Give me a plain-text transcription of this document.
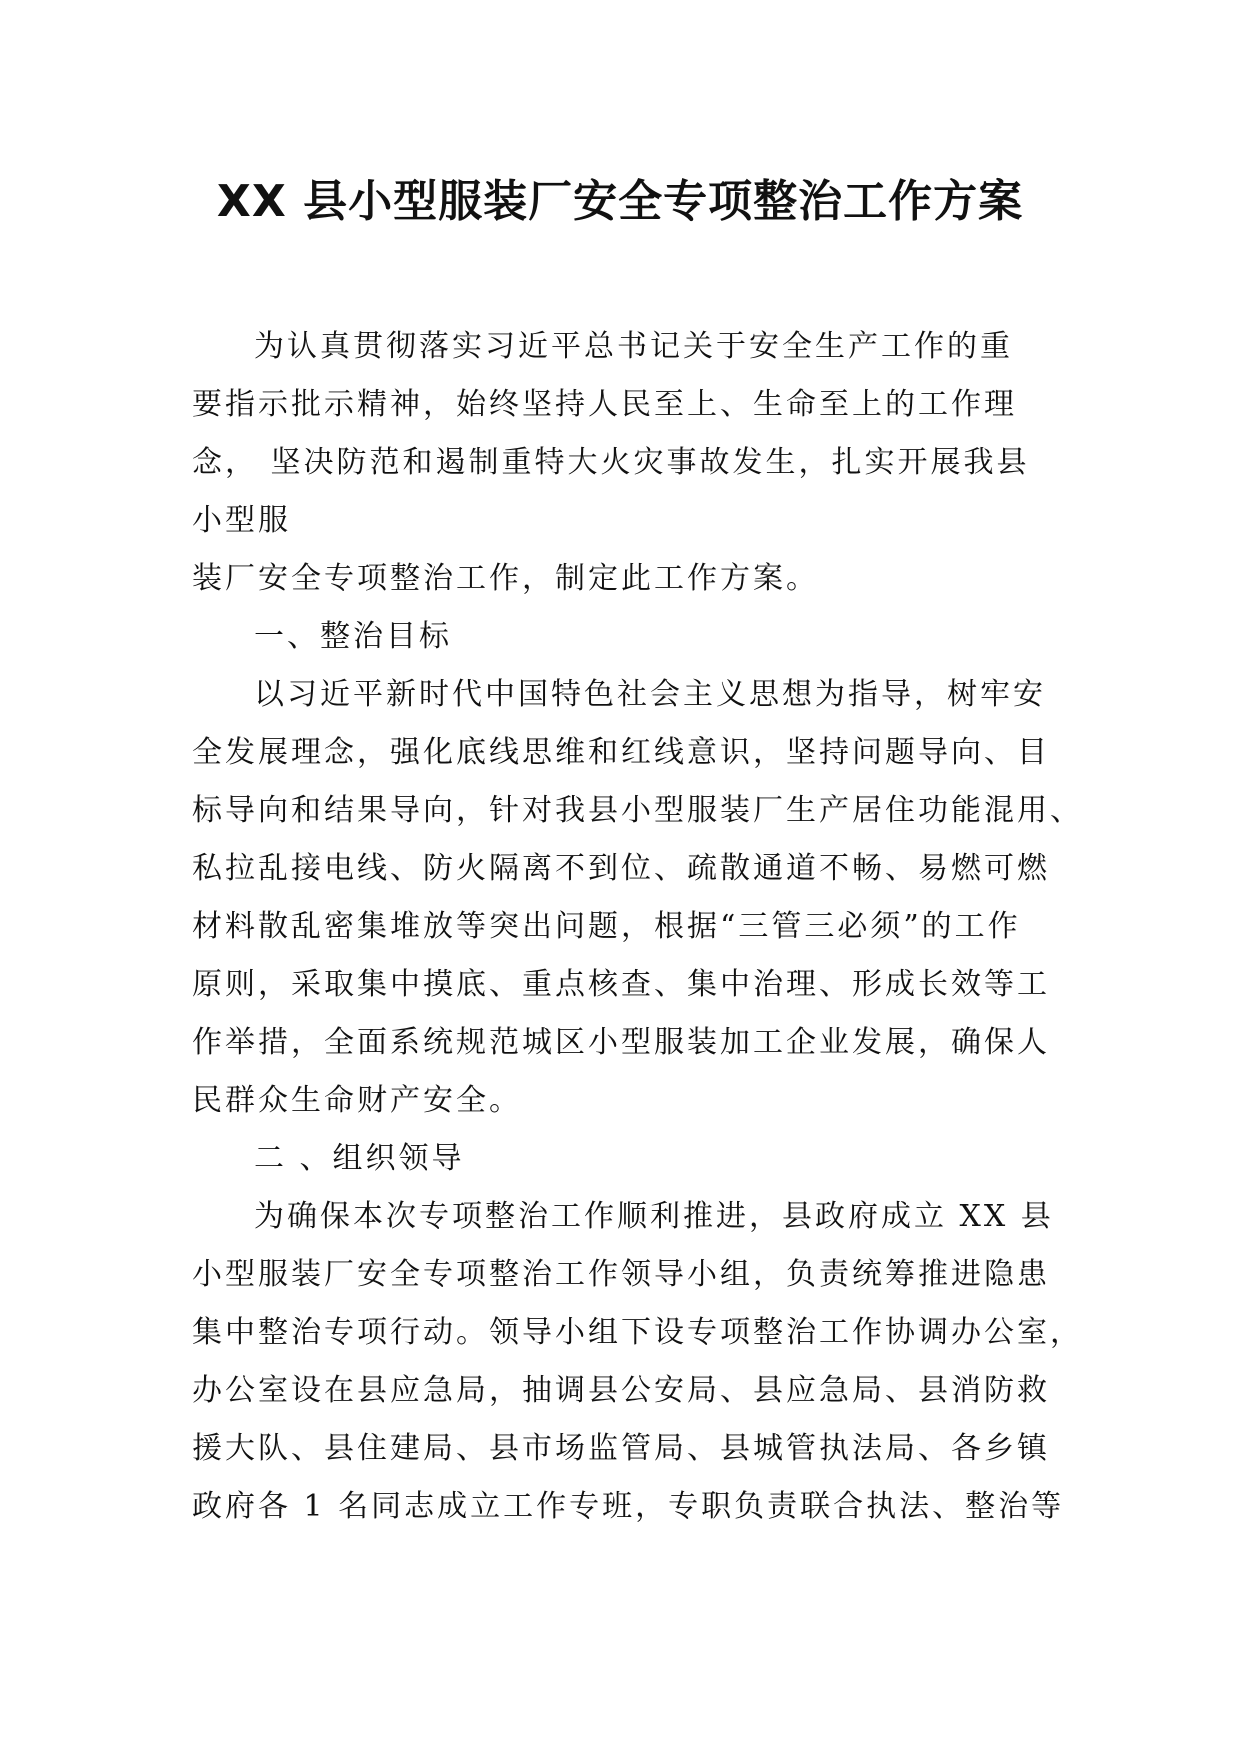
XX 县小型服装厂安全专项整治工作方案
为认真贯彻落实习近平总书记关于安全生产工作的重
要指示批示精神，始终坚持人民至上、生命至上的工作理
念， 坚决防范和遏制重特大火灾事故发生，扎实开展我县
小型服
装厂安全专项整治工作，制定此工作方案。
一、整治目标
以习近平新时代中国特色社会主义思想为指导，树牢安
全发展理念，强化底线思维和红线意识，坚持问题导向、目
标导向和结果导向，针对我县小型服装厂生产居住功能混用、
私拉乱接电线、防火隔离不到位、疏散通道不畅、易燃可燃
材料散乱密集堆放等突出问题，根据“三管三必须”的工作
原则，采取集中摸底、重点核查、集中治理、形成长效等工
作举措，全面系统规范城区小型服装加工企业发展，确保人
民群众生命财产安全。
二 、组织领导
为确保本次专项整治工作顺利推进，县政府成立 XX 县
小型服装厂安全专项整治工作领导小组，负责统筹推进隐患
集中整治专项行动。领导小组下设专项整治工作协调办公室，
办公室设在县应急局，抽调县公安局、县应急局、县消防救
援大队、县住建局、县市场监管局、县城管执法局、各乡镇
政府各 1 名同志成立工作专班，专职负责联合执法、整治等
